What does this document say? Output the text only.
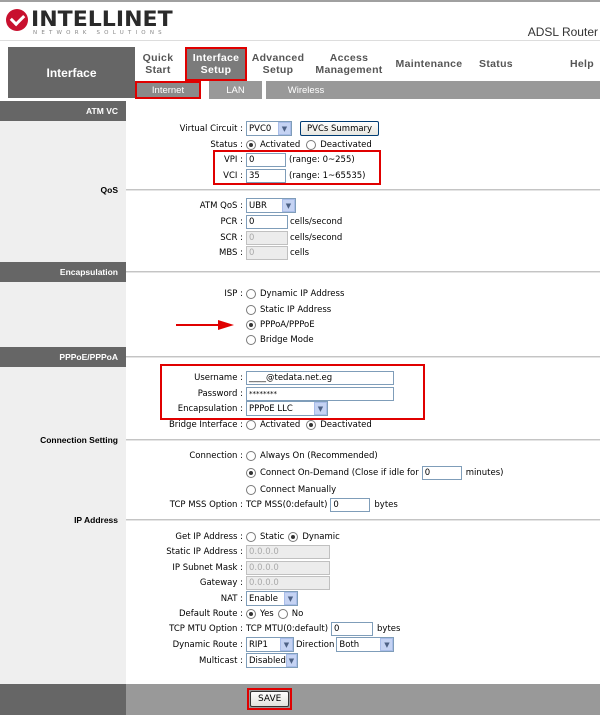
INTELLINET
NETWORK SOLUTIONS	ADSL Router
Interface
Quick
Start
Interface
Setup
Advanced
Setup
Access
Management Maintenance Status	Help
Internet	LAN	Wireless
ATM VC
QoS
Encapsulation
PPPoE/PPPoA
Connection Setting
IP Address
Virtual Circuit : PVC0	▼	PVCs Summary
Status :	Activated Deactivated
VPI : 0	(range: 0~255)
VCI : 35	(range: 1~65535)
ATM QoS : UBR	▼
PCR : 0	cells/second
SCR : 0	cells/second
MBS : 0	cells
ISP :	Dynamic IP Address
Static IP Address
PPPoA/PPPoE
Bridge Mode
Username : ____@tedata.net.eg
Password : ********
Encapsulation : PPPoE LLC	▼
Bridge Interface :	Activated Deactivated
Connection :	Always On (Recommended)
Connect On-Demand (Close if idle for 0	minutes)
Connect Manually
TCP MSS Option : TCP MSS(0:default) 0	bytes
Get IP Address :	Static Dynamic
Static IP Address : 0.0.0.0
IP Subnet Mask : 0.0.0.0
Gateway : 0.0.0.0
NAT : Enable	▼
Default Route :	Yes No
TCP MTU Option : TCP MTU(0:default) 0	bytes
Dynamic Route : RIP1	▼ Direction Both	▼
Multicast : Disabled ▼
SAVE
